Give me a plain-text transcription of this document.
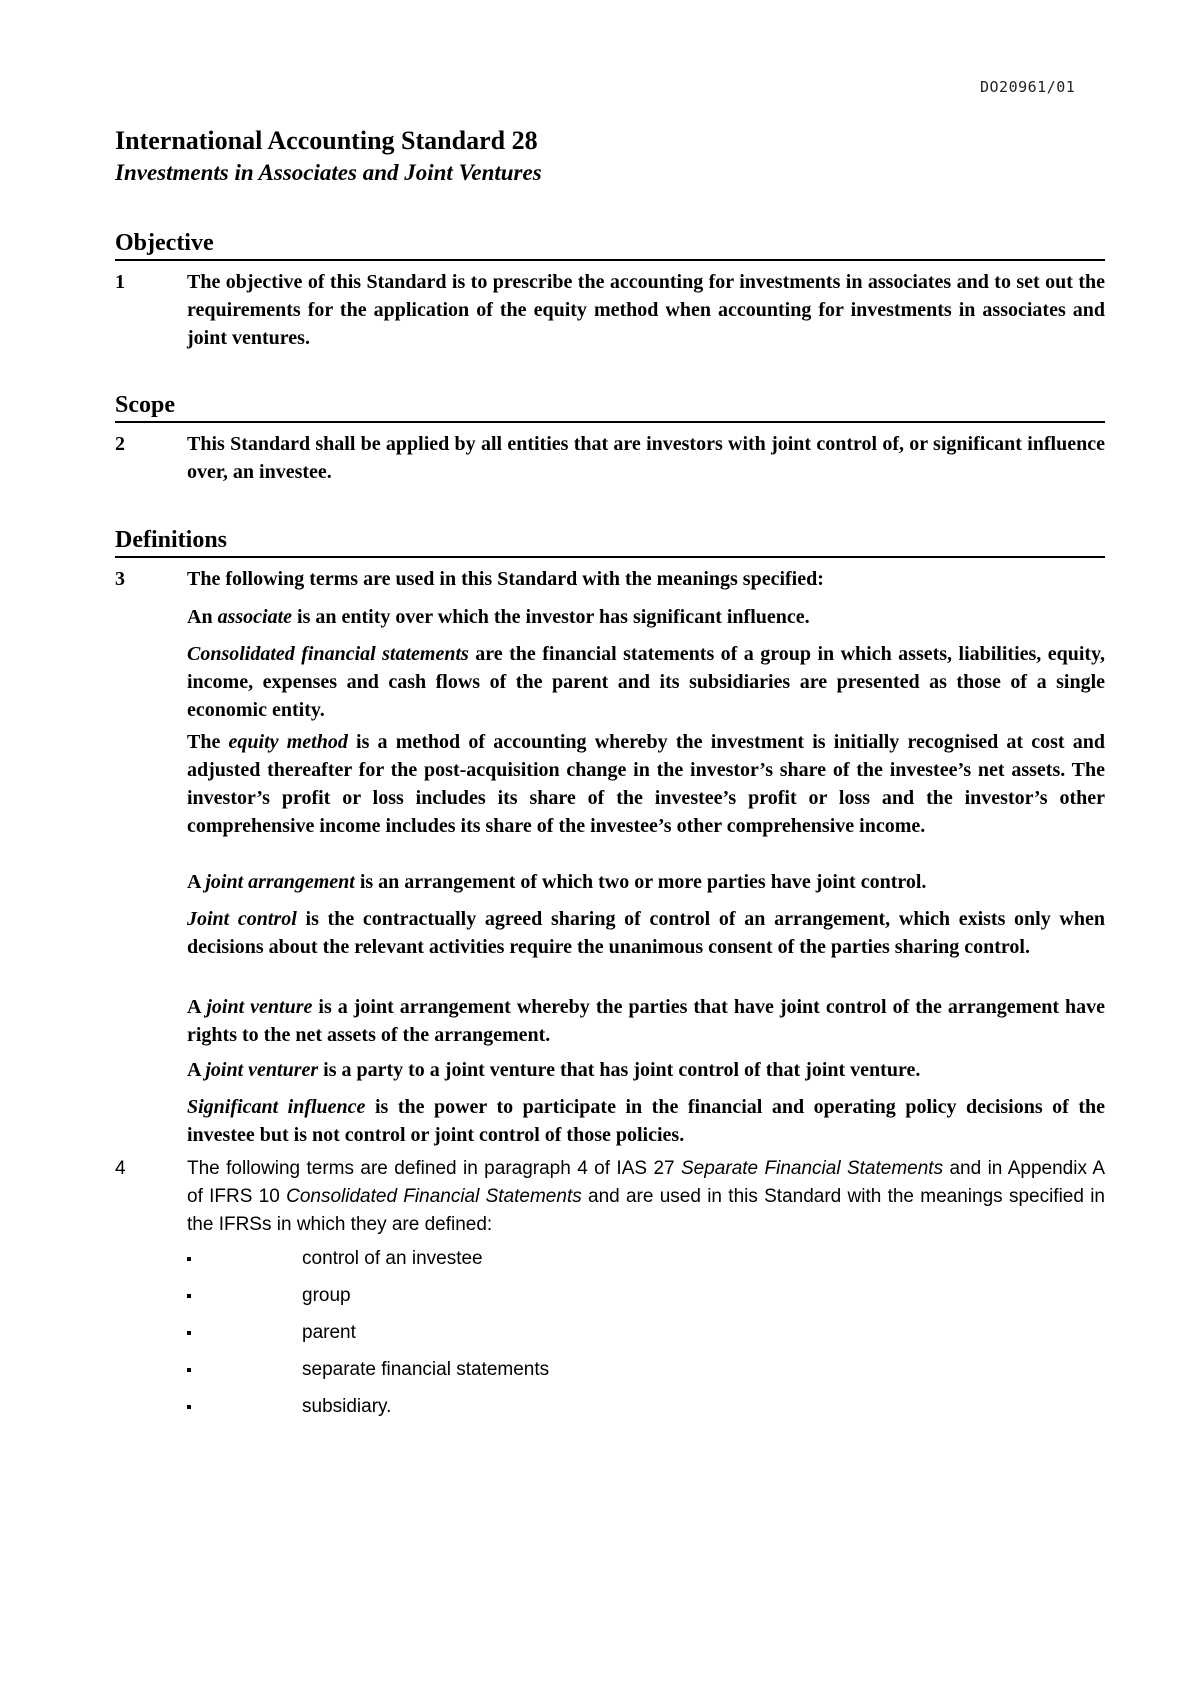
DO20961/01
International Accounting Standard 28
Investments in Associates and Joint Ventures
Objective
1	The objective of this Standard is to prescribe the accounting for investments in associates and to set out the requirements for the application of the equity method when accounting for investments in associates and joint ventures.
Scope
2	This Standard shall be applied by all entities that are investors with joint control of, or significant influence over, an investee.
Definitions
3	The following terms are used in this Standard with the meanings specified:
An associate is an entity over which the investor has significant influence.
Consolidated financial statements are the financial statements of a group in which assets, liabilities, equity, income, expenses and cash flows of the parent and its subsidiaries are presented as those of a single economic entity.
The equity method is a method of accounting whereby the investment is initially recognised at cost and adjusted thereafter for the post-acquisition change in the investor’s share of the investee’s net assets. The investor’s profit or loss includes its share of the investee’s profit or loss and the investor’s other comprehensive income includes its share of the investee’s other comprehensive income.
A joint arrangement is an arrangement of which two or more parties have joint control.
Joint control is the contractually agreed sharing of control of an arrangement, which exists only when decisions about the relevant activities require the unanimous consent of the parties sharing control.
A joint venture is a joint arrangement whereby the parties that have joint control of the arrangement have rights to the net assets of the arrangement.
A joint venturer is a party to a joint venture that has joint control of that joint venture.
Significant influence is the power to participate in the financial and operating policy decisions of the investee but is not control or joint control of those policies.
4	The following terms are defined in paragraph 4 of IAS 27 Separate Financial Statements and in Appendix A of IFRS 10 Consolidated Financial Statements and are used in this Standard with the meanings specified in the IFRSs in which they are defined:
control of an investee
group
parent
separate financial statements
subsidiary.
